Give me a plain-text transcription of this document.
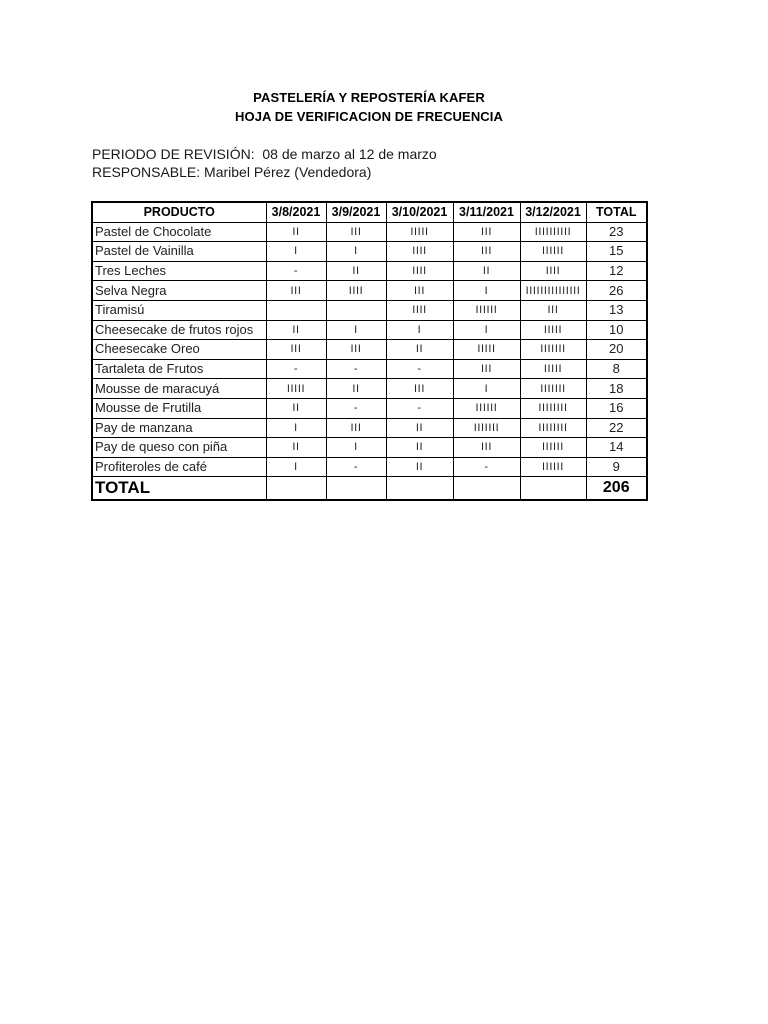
PASTELERÍA Y REPOSTERÍA KAFER
HOJA DE VERIFICACION DE FRECUENCIA
PERIODO DE REVISIÓN:  08 de marzo al 12 de marzo
RESPONSABLE: Maribel Pérez (Vendedora)
PRODUCTO	3/8/2021	3/9/2021	3/10/2021	3/11/2021	3/12/2021	TOTAL
Pastel de Chocolate	II	III	IIIII	III	IIIIIIIIII	23
Pastel de Vainilla	I	I	IIII	III	IIIIII	15
Tres Leches	-	II	IIII	II	IIII	12
Selva Negra	III	IIII	III	I	IIIIIIIIIIIIIII	26
Tiramisú			IIII	IIIIII	III	13
Cheesecake de frutos rojos	II	I	I	I	IIIII	10
Cheesecake Oreo	III	III	II	IIIII	IIIIIII	20
Tartaleta de Frutos	-	-	-	III	IIIII	8
Mousse de maracuyá	IIIII	II	III	I	IIIIIII	18
Mousse de Frutilla	II	-	-	IIIIII	IIIIIIII	16
Pay de manzana	I	III	II	IIIIIII	IIIIIIII	22
Pay de queso con piña	II	I	II	III	IIIIII	14
Profiteroles de café	I	-	II	-	IIIIII	9
TOTAL						206
